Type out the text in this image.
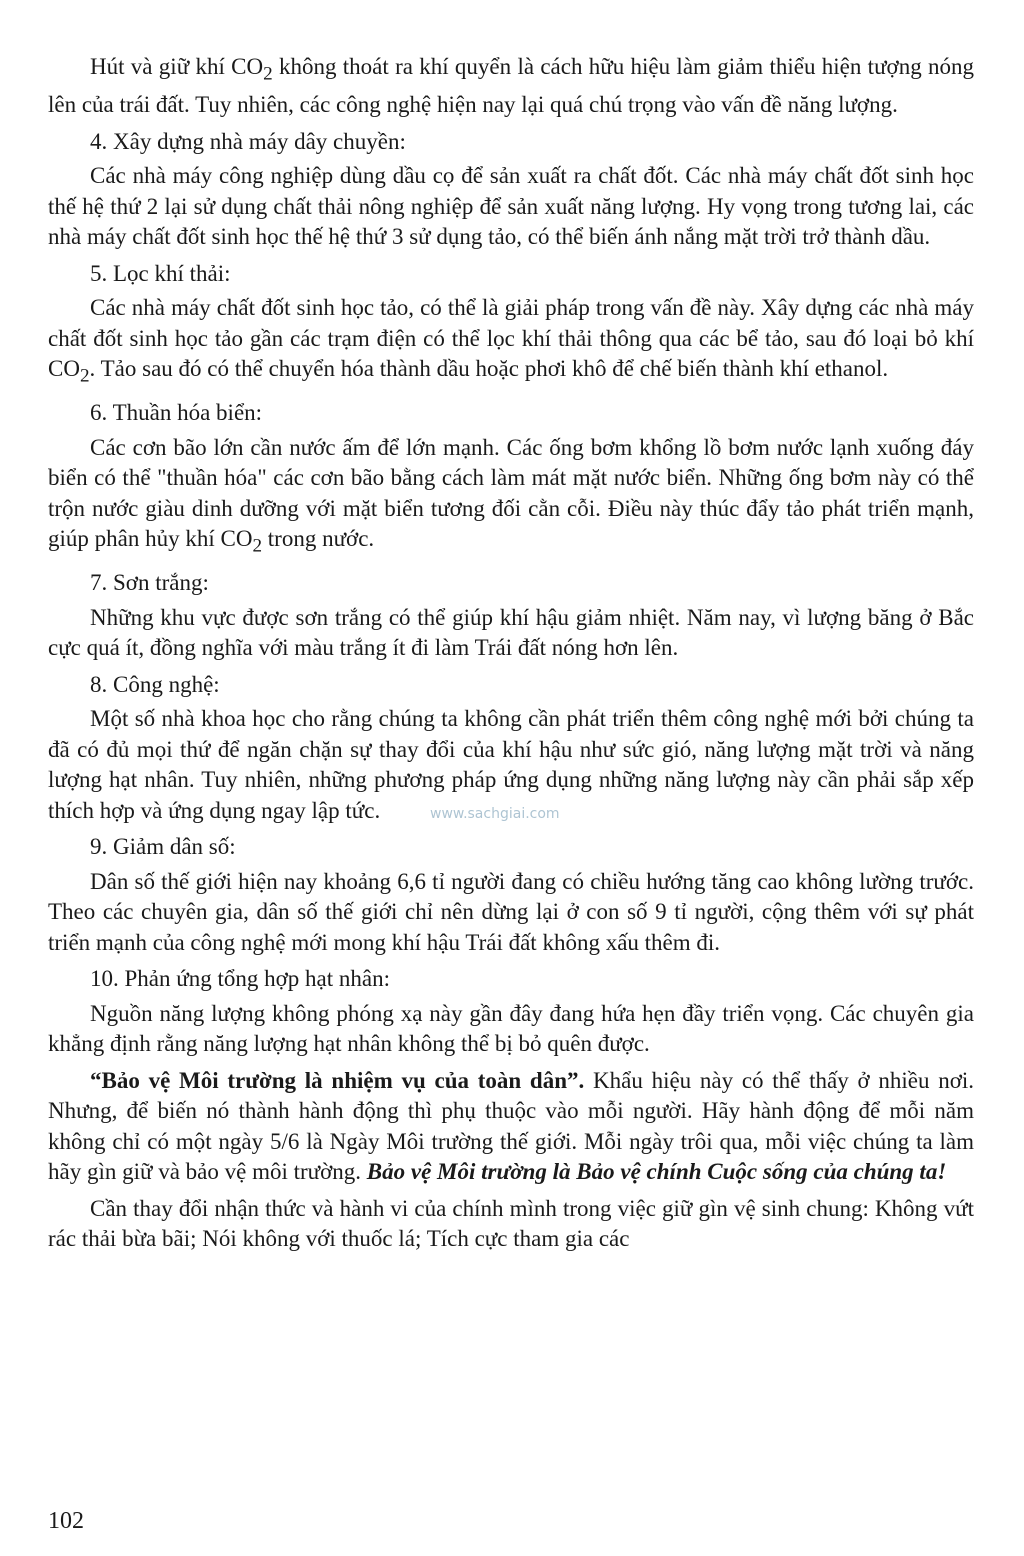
Hút và giữ khí $CO_2$ không thoát ra khí quyển là cách hữu hiệu làm giảm thiểu hiện tượng nóng lên của trái đất. Tuy nhiên, các công nghệ hiện nay lại quá chú trọng vào vấn đề năng lượng.

4. Xây dựng nhà máy dây chuyền:

Các nhà máy công nghiệp dùng dầu cọ để sản xuất ra chất đốt. Các nhà máy chất đốt sinh học thế hệ thứ 2 lại sử dụng chất thải nông nghiệp để sản xuất năng lượng. Hy vọng trong tương lai, các nhà máy chất đốt sinh học thế hệ thứ 3 sử dụng tảo, có thể biến ánh nắng mặt trời trở thành dầu.

5. Lọc khí thải:

Các nhà máy chất đốt sinh học tảo, có thể là giải pháp trong vấn đề này. Xây dựng các nhà máy chất đốt sinh học tảo gần các trạm điện có thể lọc khí thải thông qua các bể tảo, sau đó loại bỏ khí $CO_2$. Tảo sau đó có thể chuyển hóa thành dầu hoặc phơi khô để chế biến thành khí ethanol.

6. Thuần hóa biển:

Các cơn bão lớn cần nước ấm để lớn mạnh. Các ống bơm khổng lồ bơm nước lạnh xuống đáy biển có thể "thuần hóa" các cơn bão bằng cách làm mát mặt nước biển. Những ống bơm này có thể trộn nước giàu dinh dưỡng với mặt biển tương đối cằn cỗi. Điều này thúc đẩy tảo phát triển mạnh, giúp phân hủy khí $CO_2$ trong nước.

7. Sơn trắng:

Những khu vực được sơn trắng có thể giúp khí hậu giảm nhiệt. Năm nay, vì lượng băng ở Bắc cực quá ít, đồng nghĩa với màu trắng ít đi làm Trái đất nóng hơn lên.

8. Công nghệ:

Một số nhà khoa học cho rằng chúng ta không cần phát triển thêm công nghệ mới bởi chúng ta đã có đủ mọi thứ để ngăn chặn sự thay đổi của khí hậu như sức gió, năng lượng mặt trời và năng lượng hạt nhân. Tuy nhiên, những phương pháp ứng dụng những năng lượng này cần phải sắp xếp thích hợp và ứng dụng ngay lập tức.

9. Giảm dân số:

Dân số thế giới hiện nay khoảng 6,6 tỉ người đang có chiều hướng tăng cao không lường trước. Theo các chuyên gia, dân số thế giới chỉ nên dừng lại ở con số 9 tỉ người, cộng thêm với sự phát triển mạnh của công nghệ mới mong khí hậu Trái đất không xấu thêm đi.

10. Phản ứng tổng hợp hạt nhân:

Nguồn năng lượng không phóng xạ này gần đây đang hứa hẹn đầy triển vọng. Các chuyên gia khẳng định rằng năng lượng hạt nhân không thể bị bỏ quên được.

“Bảo vệ Môi trường là nhiệm vụ của toàn dân”. Khẩu hiệu này có thể thấy ở nhiều nơi. Nhưng, để biến nó thành hành động thì phụ thuộc vào mỗi người. Hãy hành động để mỗi năm không chỉ có một ngày 5/6 là Ngày Môi trường thế giới. Mỗi ngày trôi qua, mỗi việc chúng ta làm hãy gìn giữ và bảo vệ môi trường. Bảo vệ Môi trường là Bảo vệ chính Cuộc sống của chúng ta!

Cần thay đổi nhận thức và hành vi của chính mình trong việc giữ gìn vệ sinh chung: Không vứt rác thải bừa bãi; Nói không với thuốc lá; Tích cực tham gia các

www.sachgiai.com
102
